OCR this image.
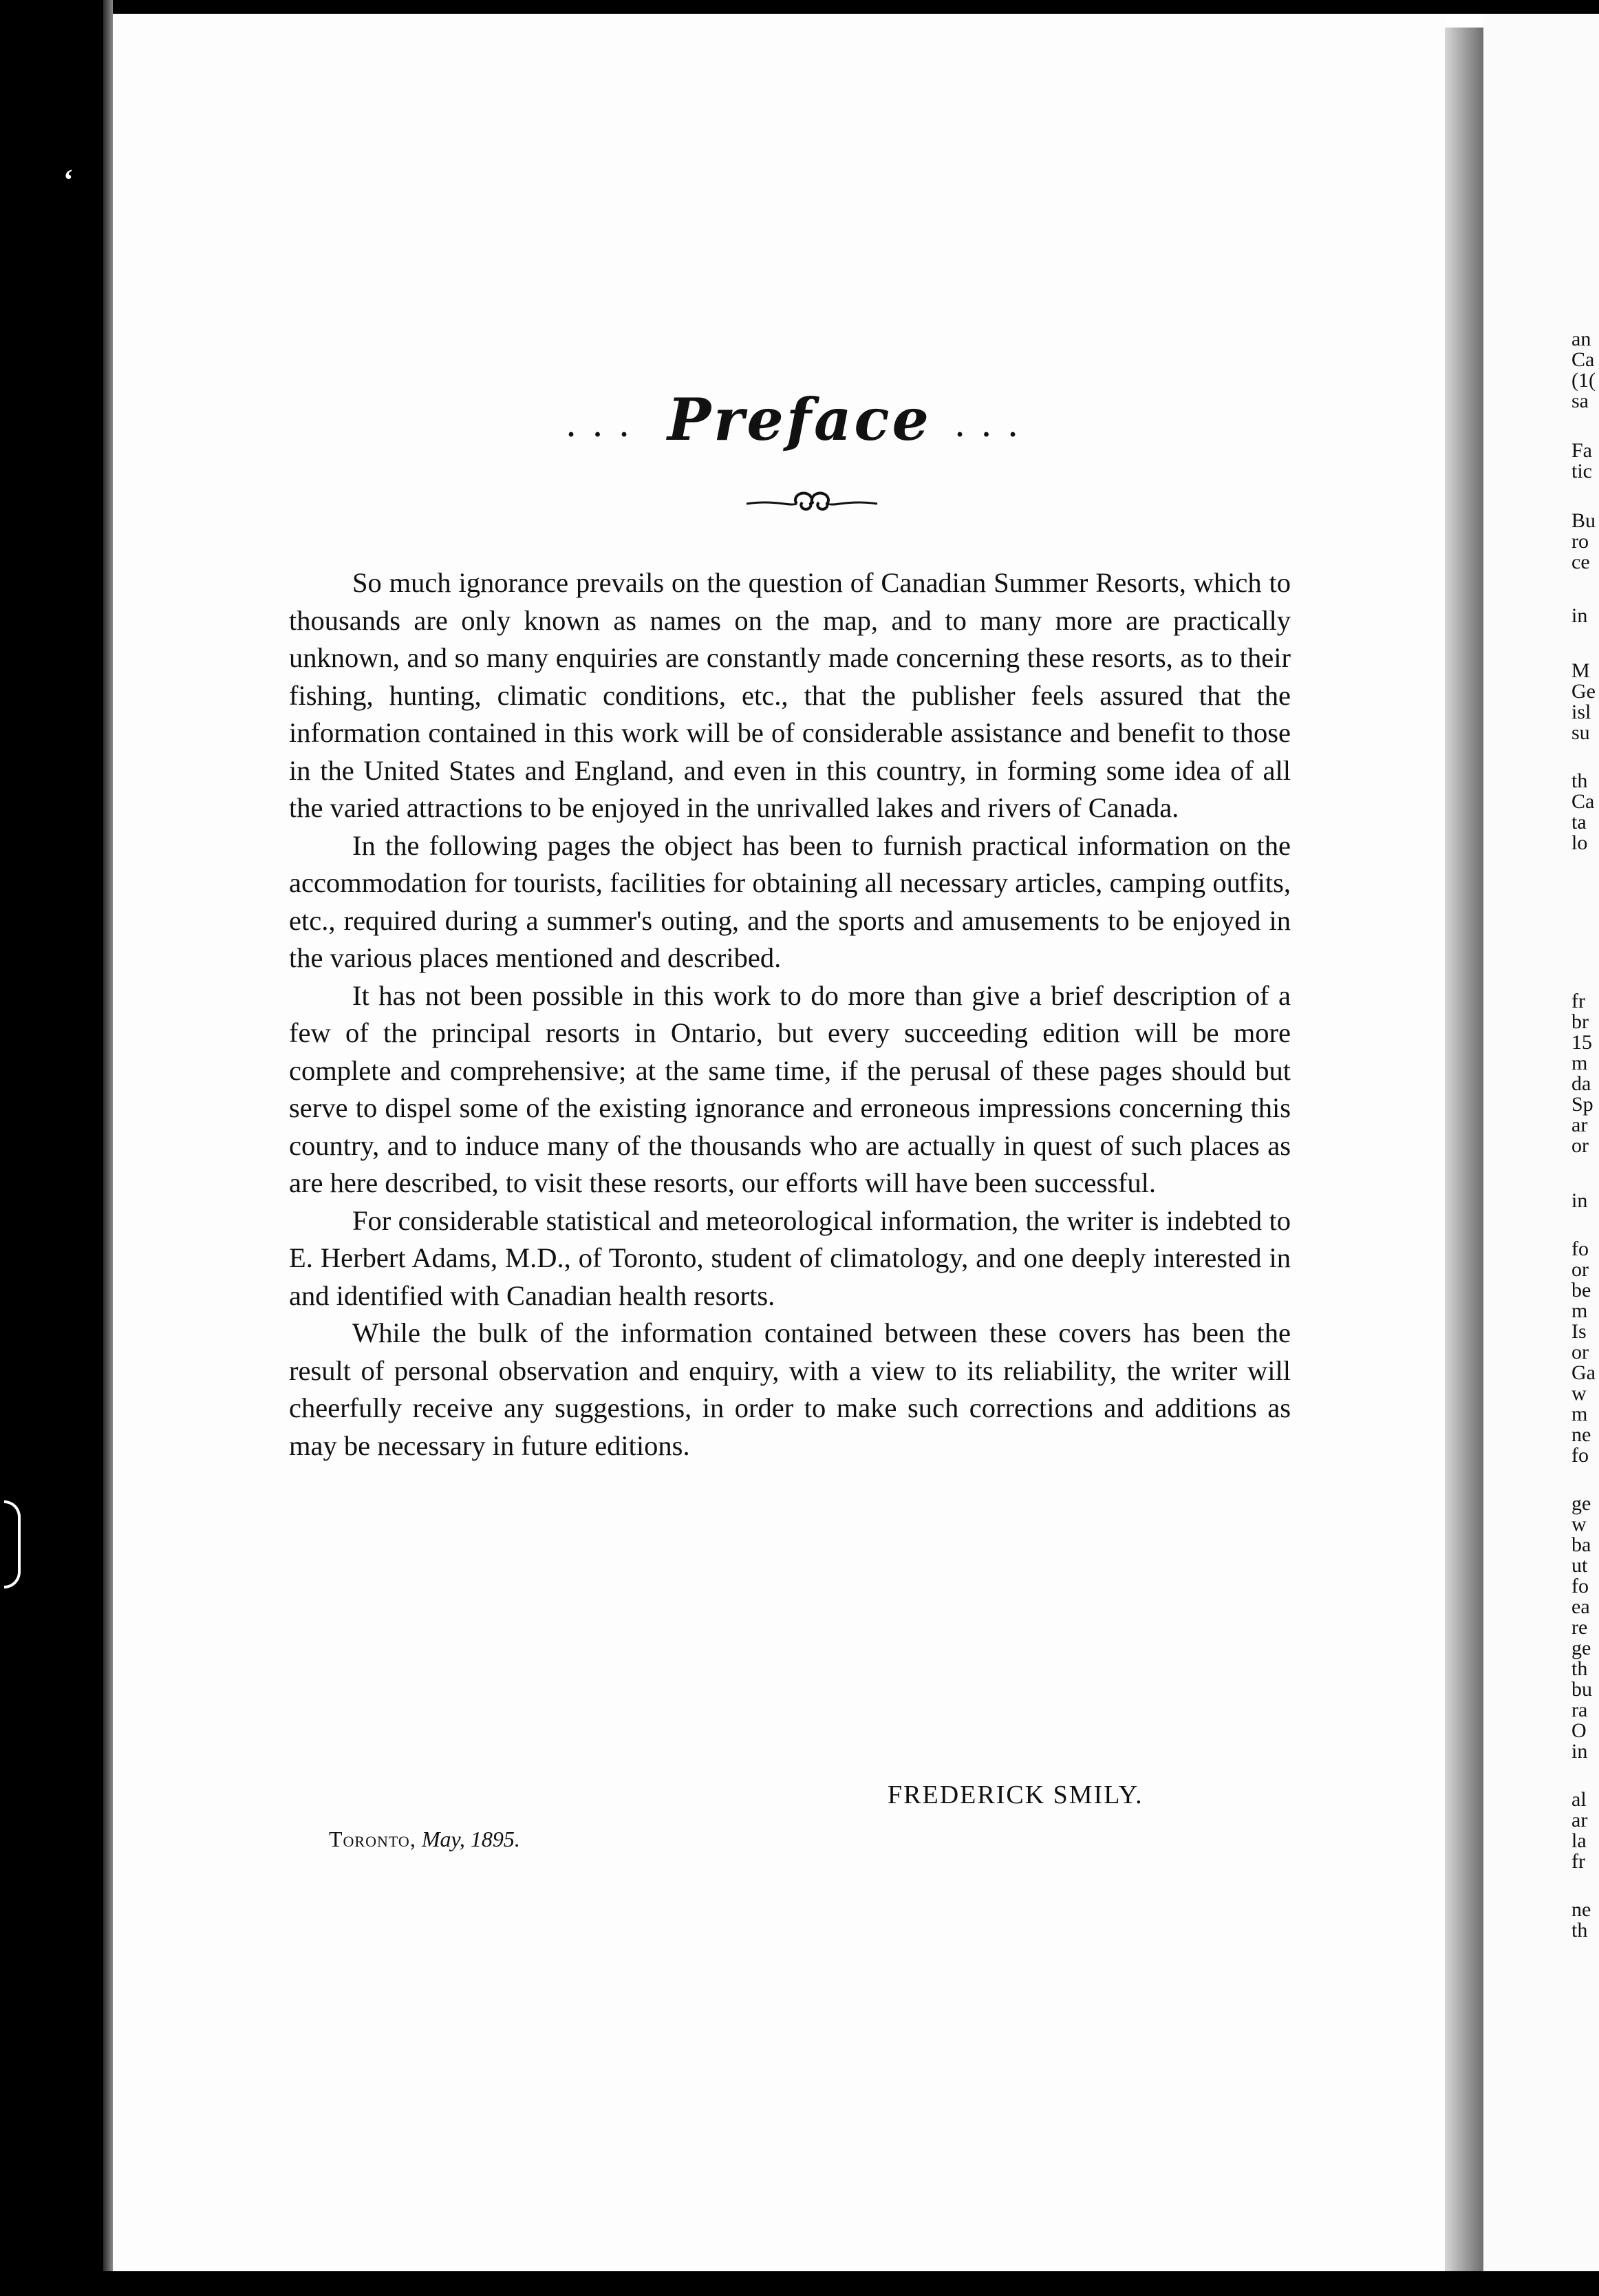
ʻ
... Preface ...

So much ignorance prevails on the question of Canadian Summer Resorts, which to thousands are only known as names on the map, and to many more are practically unknown, and so many enquiries are constantly made concerning these resorts, as to their fishing, hunting, climatic conditions, etc., that the publisher feels assured that the information contained in this work will be of considerable assistance and benefit to those in the United States and England, and even in this country, in forming some idea of all the varied attractions to be enjoyed in the unrivalled lakes and rivers of Canada.

In the following pages the object has been to furnish practical information on the accommodation for tourists, facilities for obtaining all necessary articles, camping outfits, etc., required during a summer's outing, and the sports and amusements to be enjoyed in the various places mentioned and described.

It has not been possible in this work to do more than give a brief description of a few of the principal resorts in Ontario, but every succeeding edition will be more complete and comprehensive; at the same time, if the perusal of these pages should but serve to dispel some of the existing ignorance and erroneous impressions concerning this country, and to induce many of the thousands who are actually in quest of such places as are here described, to visit these resorts, our efforts will have been successful.

For considerable statistical and meteorological information, the writer is indebted to E. Herbert Adams, M.D., of Toronto, student of climatology, and one deeply interested in and identified with Canadian health resorts.

While the bulk of the information contained between these covers has been the result of personal observation and enquiry, with a view to its reliability, the writer will cheerfully receive any suggestions, in order to make such corrections and additions as may be necessary in future editions.

FREDERICK SMILY.
Toronto, May, 1895.
an
Ca
(1(
sa
Fa
tic
Bu
ro
ce
in
M
Ge
isl
su
th
Ca
ta
lo
fr
br
15
m
da
Sp
ar
or
in
fo
or
be
m
Is
or
Ga
w
m
ne
fo
ge
w
ba
ut
fo
ea
re
ge
th
bu
ra
O
in
al
ar
la
fr
ne
th
